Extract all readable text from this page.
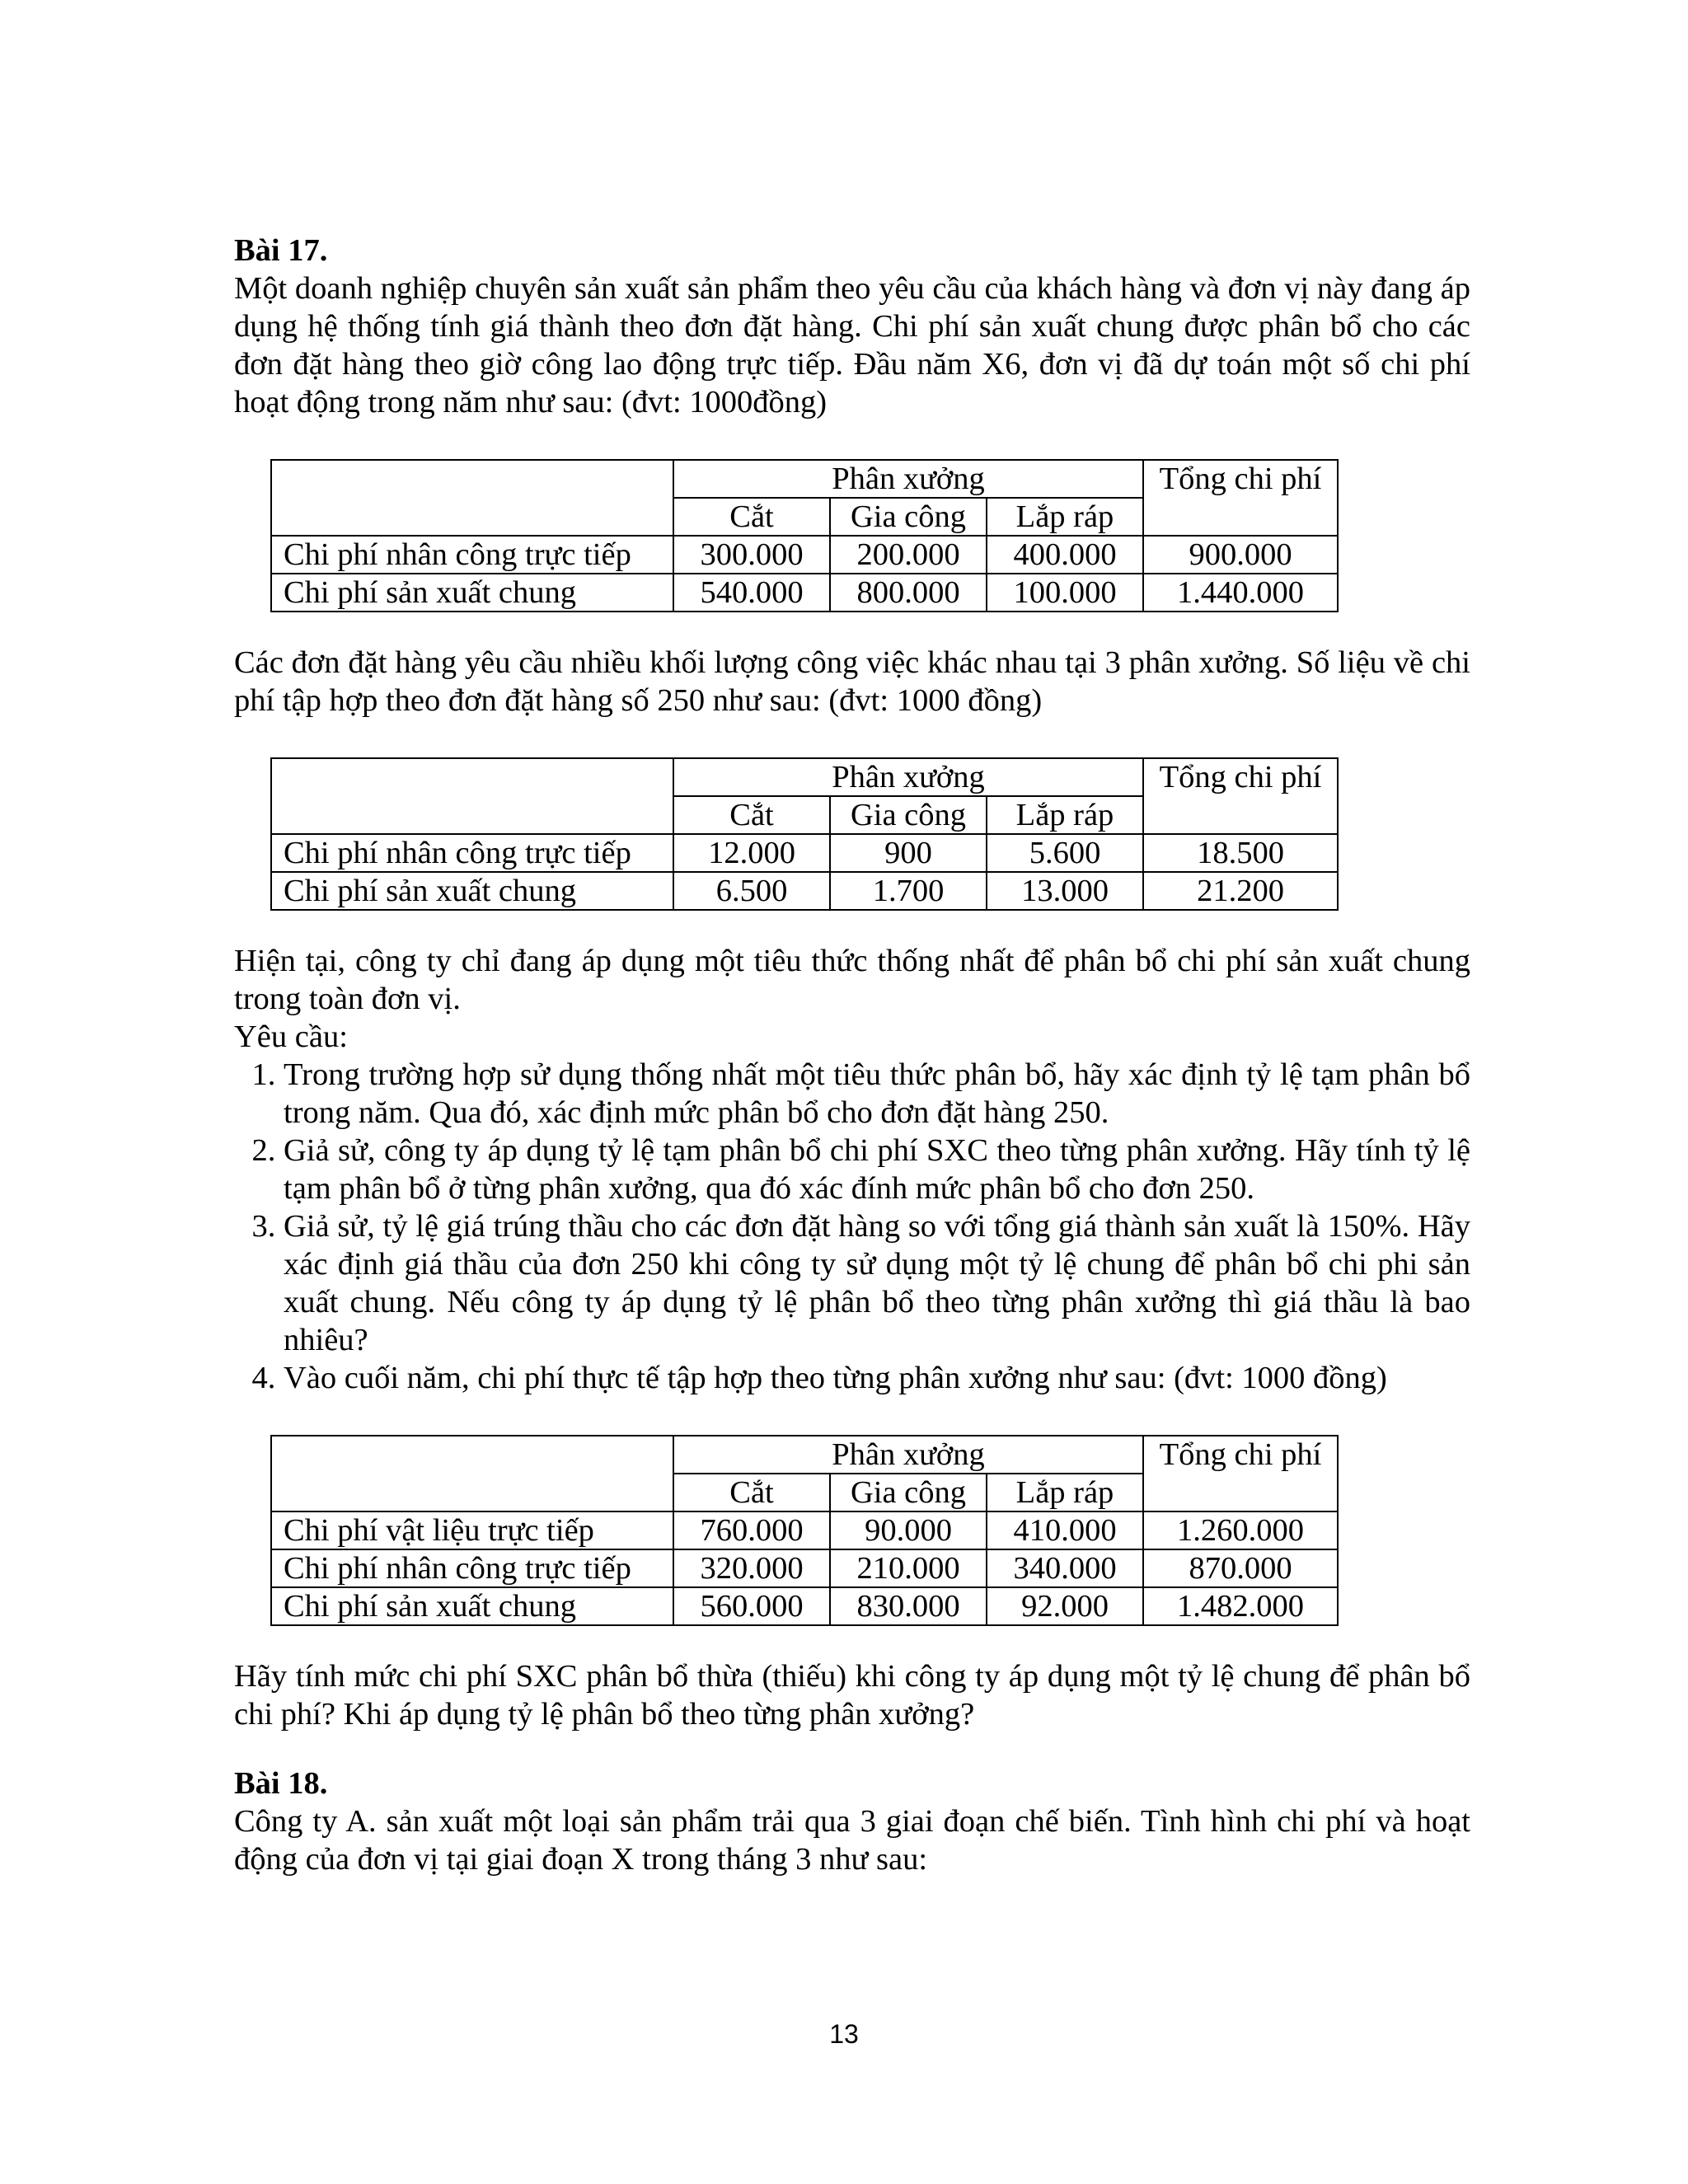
Bài 17.

Một doanh nghiệp chuyên sản xuất sản phẩm theo yêu cầu của khách hàng và đơn vị này đang áp dụng hệ thống tính giá thành theo đơn đặt hàng. Chi phí sản xuất chung được phân bổ cho các đơn đặt hàng theo giờ công lao động trực tiếp. Đầu năm X6, đơn vị đã dự toán một số chi phí hoạt động trong năm như sau: (đvt: 1000đồng)

	Phân xưởng			Tổng chi phí
	Cắt	Gia công	Lắp ráp	
Chi phí nhân công trực tiếp	300.000	200.000	400.000	900.000
Chi phí sản xuất chung	540.000	800.000	100.000	1.440.000

Các đơn đặt hàng yêu cầu nhiều khối lượng công việc khác nhau tại 3 phân xưởng. Số liệu về chi phí tập hợp theo đơn đặt hàng số 250 như sau: (đvt: 1000 đồng)

	Phân xưởng			Tổng chi phí
	Cắt	Gia công	Lắp ráp	
Chi phí nhân công trực tiếp	12.000	900	5.600	18.500
Chi phí sản xuất chung	6.500	1.700	13.000	21.200

Hiện tại, công ty chỉ đang áp dụng một tiêu thức thống nhất để phân bổ chi phí sản xuất chung trong toàn đơn vị.

Yêu cầu:

1. Trong trường hợp sử dụng thống nhất một tiêu thức phân bổ, hãy xác định tỷ lệ tạm phân bổ trong năm. Qua đó, xác định mức phân bổ cho đơn đặt hàng 250.
2. Giả sử, công ty áp dụng tỷ lệ tạm phân bổ chi phí SXC theo từng phân xưởng. Hãy tính tỷ lệ tạm phân bổ ở từng phân xưởng, qua đó xác đính mức phân bổ cho đơn 250.
3. Giả sử, tỷ lệ giá trúng thầu cho các đơn đặt hàng so với tổng giá thành sản xuất là 150%. Hãy xác định giá thầu của đơn 250 khi công ty sử dụng một tỷ lệ chung để phân bổ chi phi sản xuất chung. Nếu công ty áp dụng tỷ lệ phân bổ theo từng phân xưởng thì giá thầu là bao nhiêu?
4. Vào cuối năm, chi phí thực tế tập hợp theo từng phân xưởng như sau: (đvt: 1000 đồng)
	Phân xưởng			Tổng chi phí
	Cắt	Gia công	Lắp ráp	
Chi phí vật liệu trực tiếp	760.000	90.000	410.000	1.260.000
Chi phí nhân công trực tiếp	320.000	210.000	340.000	870.000
Chi phí sản xuất chung	560.000	830.000	92.000	1.482.000

Hãy tính mức chi phí SXC phân bổ thừa (thiếu) khi công ty áp dụng một tỷ lệ chung để phân bổ chi phí? Khi áp dụng tỷ lệ phân bổ theo từng phân xưởng?

Bài 18.

Công ty A. sản xuất một loại sản phẩm trải qua 3 giai đoạn chế biến. Tình hình chi phí và hoạt động của đơn vị tại giai đoạn X trong tháng 3 như sau:

13
